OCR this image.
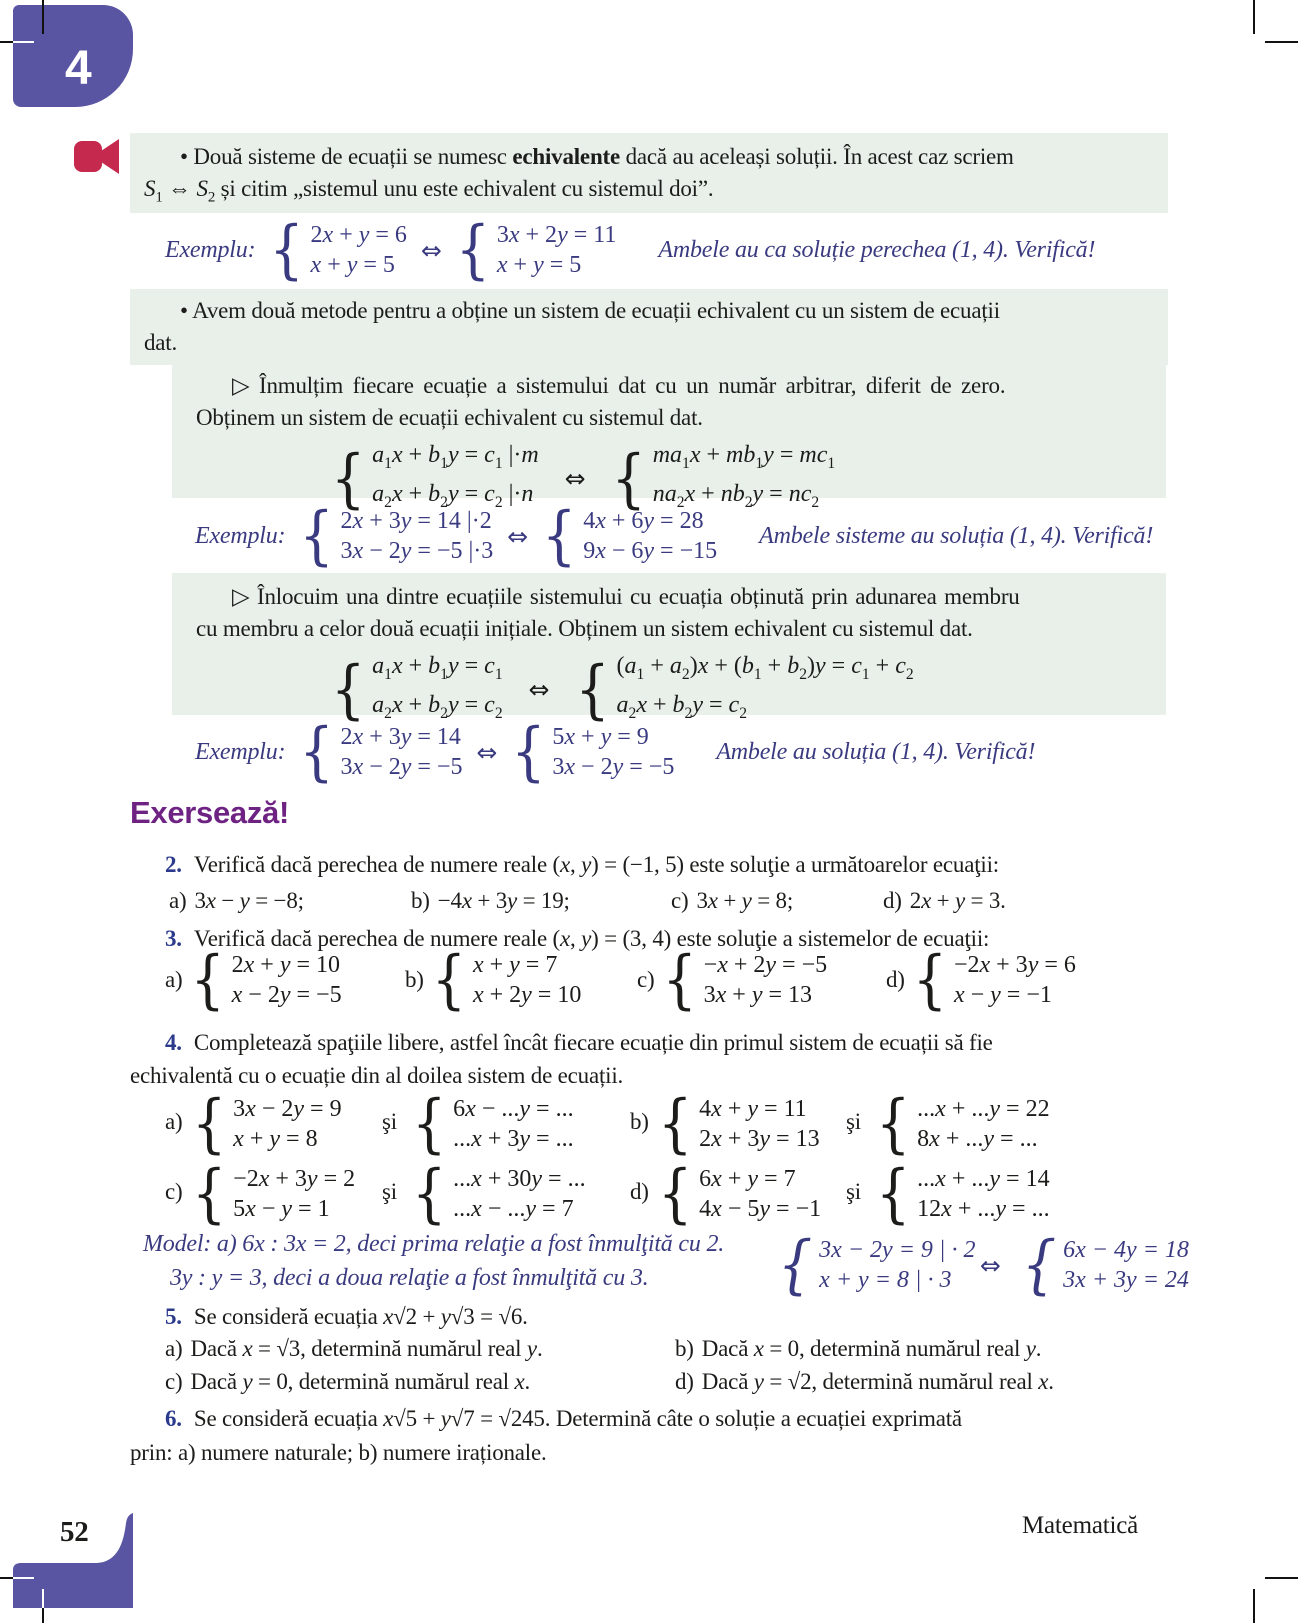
4

• Două sisteme de ecuații se numesc echivalente dacă au aceleași soluții. În acest caz scriem

$S_1$ ⇔ $S_2$ și citim „sistemul unu este echivalent cu sistemul doi”.

Exemplu: { 2x + y = 6
x + y = 5
⇔ { 3x + 2y = 11
x + y = 5
Ambele au ca soluție perechea (1, 4). Verifică!

• Avem două metode pentru a obține un sistem de ecuații echivalent cu un sistem de ecuații

dat.

▷ Înmulțim fiecare ecuație a sistemului dat cu un număr arbitrar, diferit de zero.

Obținem un sistem de ecuații echivalent cu sistemul dat.

{ $a_1x + b_1y = c_1$ |·m
$a_2x + b_2y = c_2$ |·n
⇔ { $ma_1x + mb_1y = mc_1$
$na_2x + nb_2y = nc_2$
Exemplu: { 2x + 3y = 14 |·2
3x − 2y = −5 |·3
⇔ { 4x + 6y = 28
9x − 6y = −15
Ambele sisteme au soluția (1, 4). Verifică!

▷ Înlocuim una dintre ecuațiile sistemului cu ecuația obținută prin adunarea membru

cu membru a celor două ecuații inițiale. Obținem un sistem echivalent cu sistemul dat.

{ $a_1x + b_1y = c_1$
$a_2x + b_2y = c_2$
⇔ { $(a_1 + a_2)x + (b_1 + b_2)y = c_1 + c_2$
$a_2x + b_2y = c_2$
Exemplu: { 2x + 3y = 14
3x − 2y = −5
⇔ { 5x + y = 9
3x − 2y = −5
Ambele au soluția (1, 4). Verifică!
Exersează!

2. Verifică dacă perechea de numere reale (x, y) = (−1, 5) este soluţie a următoarelor ecuaţii:

a) 3x − y = −8;	b) −4x + 3y = 19;	c) 3x + y = 8;	d) 2x + y = 3.

3. Verifică dacă perechea de numere reale (x, y) = (3, 4) este soluţie a sistemelor de ecuaţii:

a) { 2x + y = 10
x − 2y = −5
b) { x + y = 7
x + 2y = 10
c) { −x + 2y = −5
3x + y = 13
d) { −2x + 3y = 6
x − y = −1

4. Completează spaţiile libere, astfel încât fiecare ecuație din primul sistem de ecuații să fie

echivalentă cu o ecuație din al doilea sistem de ecuații.

a) { 3x − 2y = 9
x + y = 8
şi { 6x − ...y = ...
...x + 3y = ...
b) { 4x + y = 11
2x + 3y = 13
şi { ...x + ...y = 22
8x + ...y = ...
c) { −2x + 3y = 2
5x − y = 1
şi { ...x + 30y = ...
...x − ...y = 7
d) { 6x + y = 7
4x − 5y = −1
şi { ...x + ...y = 14
12x + ...y = ...
Model: a) 6x : 3x = 2, deci prima relaţie a fost înmulţită cu 2.
3y : y = 3, deci a doua relaţie a fost înmulţită cu 3. { 3x − 2y = 9 | · 2
x + y = 8 | · 3
⇔ { 6x − 4y = 18
3x + 3y = 24

5. Se consideră ecuația x√2 + y√3 = √6.

a) Dacă x = √3, determină numărul real y.	b) Dacă x = 0, determină numărul real y.
c) Dacă y = 0, determină numărul real x.	d) Dacă y = √2, determină numărul real x.

6. Se consideră ecuația x√5 + y√7 = √245. Determină câte o soluție a ecuației exprimată

prin: a) numere naturale; b) numere iraționale.

52	Matematică
